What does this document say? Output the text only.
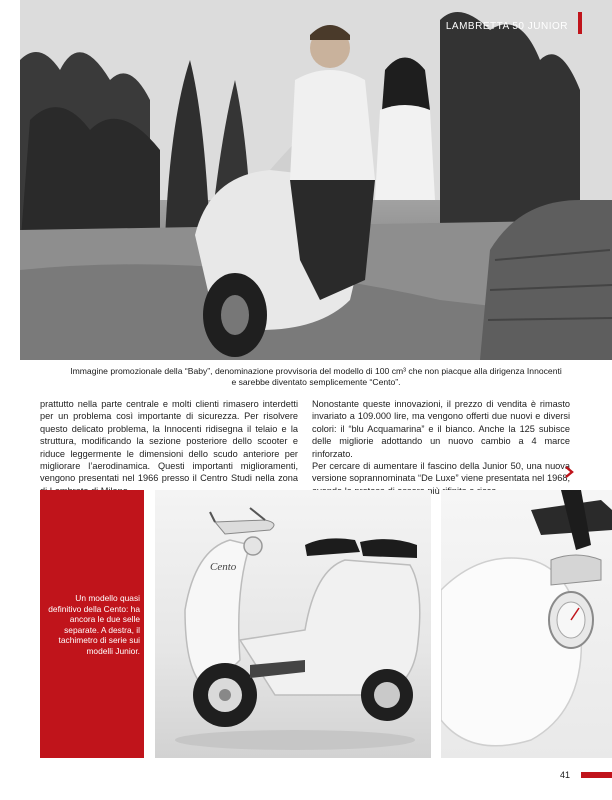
LAMBRETTA 50 JUNIOR
Immagine promozionale della “Baby”, denominazione provvisoria del modello di 100 cm³ che non piacque alla dirigenza Innocenti
e sarebbe diventato semplicemente “Cento”.

prattutto nella parte centrale e molti clienti rimasero interdetti per un problema così importante di sicurezza. Per risolvere questo delicato problema, la Innocenti ridisegna il telaio e la struttura, modificando la sezione posteriore dello scooter e riduce leggermente le dimensioni dello scudo anteriore per migliorare l’aerodinamica. Questi importanti miglioramenti, vengono presentati nel 1966 presso il Centro Studi nella zona

Nonostante queste innovazioni, il prezzo di vendita è rimasto invariato a 109.000 lire, ma vengono offerti due nuovi e diversi colori: il “blu Acquamarina” e il bianco. Anche la 125 subisce delle migliorie adottando un nuovo cambio a 4 marce rinforzato.

Per cercare di aumentare il fascino della Junior 50, una nuova versione soprannominata “De Luxe” viene presentata nel 1968, più

Un modello quasi definitivo della Cento: ha ancora le due selle separate. A destra, il tachimetro di serie sui modelli Junior.
Cento
41
